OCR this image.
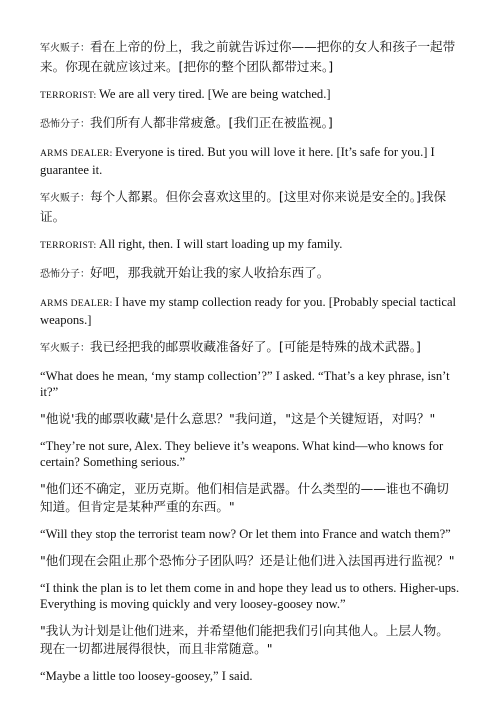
军火贩子：看在上帝的份上，我之前就告诉过你——把你的女人和孩子一起带来。你现在就应该过来。[把你的整个团队都带过来。]

TERRORIST: We are all very tired. [We are being watched.]

恐怖分子：我们所有人都非常疲惫。[我们正在被监视。]

ARMS DEALER: Everyone is tired. But you will love it here. [It’s safe for you.] I guarantee it.

军火贩子：每个人都累。但你会喜欢这里的。[这里对你来说是安全的。]我保证。

TERRORIST: All right, then. I will start loading up my family.

恐怖分子：好吧，那我就开始让我的家人收拾东西了。

ARMS DEALER: I have my stamp collection ready for you. [Probably special tactical weapons.]

军火贩子：我已经把我的邮票收藏准备好了。[可能是特殊的战术武器。]

“What does he mean, ‘my stamp collection’?” I asked. “That’s a key phrase, isn’t it?”

"他说'我的邮票收藏'是什么意思？"我问道，"这是个关键短语，对吗？"

“They’re not sure, Alex. They believe it’s weapons. What kind—who knows for certain? Something serious.”

"他们还不确定，亚历克斯。他们相信是武器。什么类型的——谁也不确切知道。但肯定是某种严重的东西。"

“Will they stop the terrorist team now? Or let them into France and watch them?”

"他们现在会阻止那个恐怖分子团队吗？还是让他们进入法国再进行监视？"

“I think the plan is to let them come in and hope they lead us to others. Higher-ups. Everything is moving quickly and very loosey-goosey now.”

"我认为计划是让他们进来，并希望他们能把我们引向其他人。上层人物。现在一切都进展得很快，而且非常随意。"

“Maybe a little too loosey-goosey,” I said.
